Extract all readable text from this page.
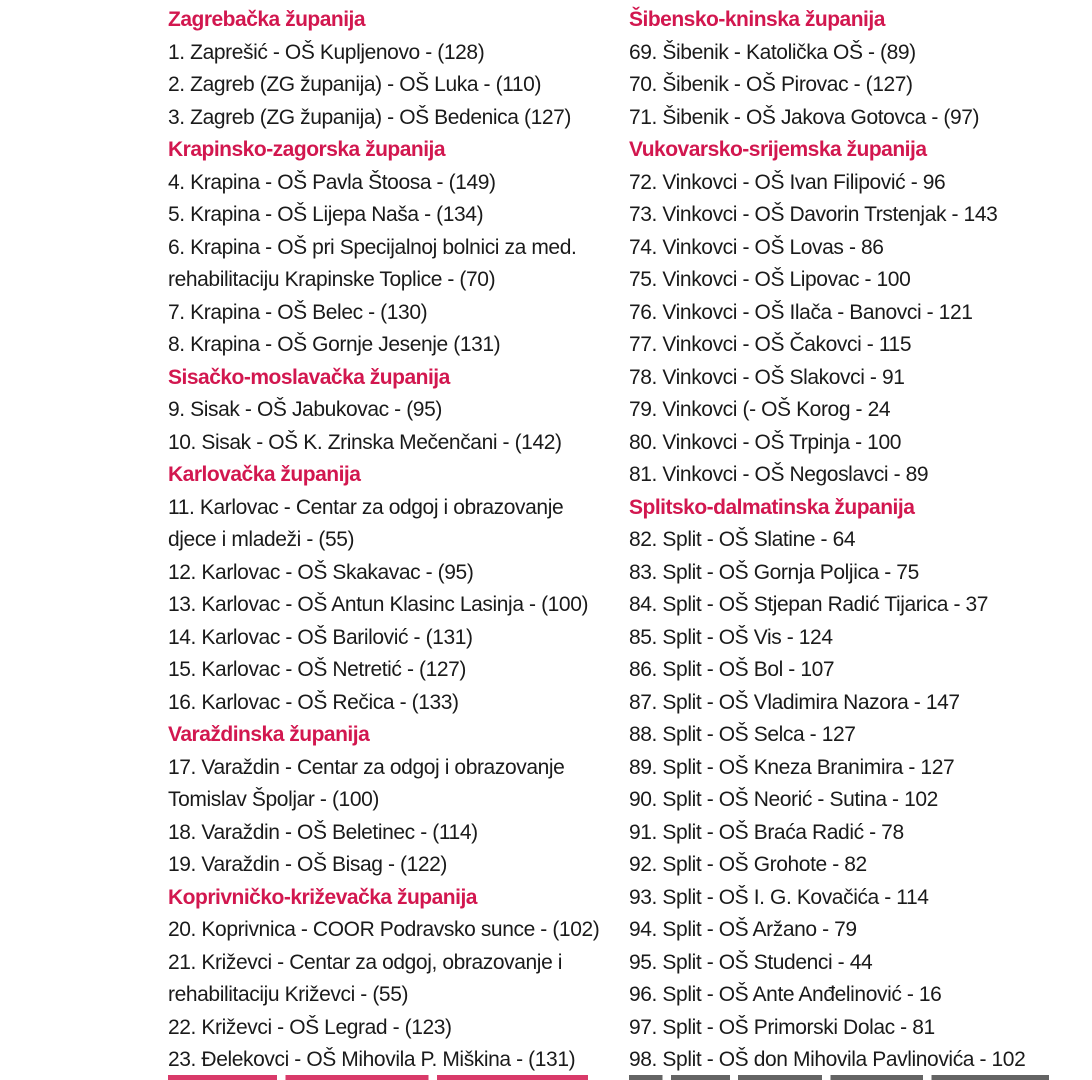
Zagrebačka županija
1. Zaprešić - OŠ Kupljenovo - (128)
2. Zagreb (ZG županija) - OŠ Luka - (110)
3. Zagreb (ZG županija) - OŠ Bedenica (127)
Krapinsko-zagorska županija
4. Krapina - OŠ Pavla Štoosa - (149)
5. Krapina - OŠ Lijepa Naša - (134)
6. Krapina - OŠ pri Specijalnoj bolnici za med.
rehabilitaciju Krapinske Toplice - (70)
7. Krapina - OŠ Belec - (130)
8. Krapina - OŠ Gornje Jesenje (131)
Sisačko-moslavačka županija
9. Sisak - OŠ Jabukovac - (95)
10. Sisak - OŠ K. Zrinska Mečenčani - (142)
Karlovačka županija
11. Karlovac - Centar za odgoj i obrazovanje
djece i mladeži - (55)
12. Karlovac - OŠ Skakavac - (95)
13. Karlovac - OŠ Antun Klasinc Lasinja - (100)
14. Karlovac - OŠ Barilović - (131)
15. Karlovac - OŠ Netretić - (127)
16. Karlovac - OŠ Rečica - (133)
Varaždinska županija
17. Varaždin - Centar za odgoj i obrazovanje
Tomislav Špoljar - (100)
18. Varaždin - OŠ Beletinec - (114)
19. Varaždin - OŠ Bisag - (122)
Koprivničko-križevačka županija
20. Koprivnica - COOR Podravsko sunce - (102)
21. Križevci - Centar za odgoj, obrazovanje i
rehabilitaciju Križevci - (55)
22. Križevci - OŠ Legrad - (123)
23. Đelekovci - OŠ Mihovila P. Miškina - (131)
Šibensko-kninska županija
69. Šibenik - Katolička OŠ - (89)
70. Šibenik - OŠ Pirovac - (127)
71. Šibenik - OŠ Jakova Gotovca - (97)
Vukovarsko-srijemska županija
72. Vinkovci - OŠ Ivan Filipović - 96
73. Vinkovci - OŠ Davorin Trstenjak - 143
74. Vinkovci - OŠ Lovas - 86
75. Vinkovci - OŠ Lipovac - 100
76. Vinkovci - OŠ Ilača - Banovci - 121
77. Vinkovci - OŠ Čakovci - 115
78. Vinkovci - OŠ Slakovci - 91
79. Vinkovci (- OŠ Korog - 24
80. Vinkovci - OŠ Trpinja - 100
81. Vinkovci - OŠ Negoslavci - 89
Splitsko-dalmatinska županija
82. Split - OŠ Slatine - 64
83. Split - OŠ Gornja Poljica - 75
84. Split - OŠ Stjepan Radić Tijarica - 37
85. Split - OŠ Vis - 124
86. Split - OŠ Bol - 107
87. Split - OŠ Vladimira Nazora - 147
88. Split - OŠ Selca - 127
89. Split - OŠ Kneza Branimira - 127
90. Split - OŠ Neorić - Sutina - 102
91. Split - OŠ Braća Radić - 78
92. Split - OŠ Grohote - 82
93. Split - OŠ I. G. Kovačića - 114
94. Split - OŠ Aržano - 79
95. Split - OŠ Studenci - 44
96. Split - OŠ Ante Anđelinović - 16
97. Split - OŠ Primorski Dolac - 81
98. Split - OŠ don Mihovila Pavlinovića - 102
